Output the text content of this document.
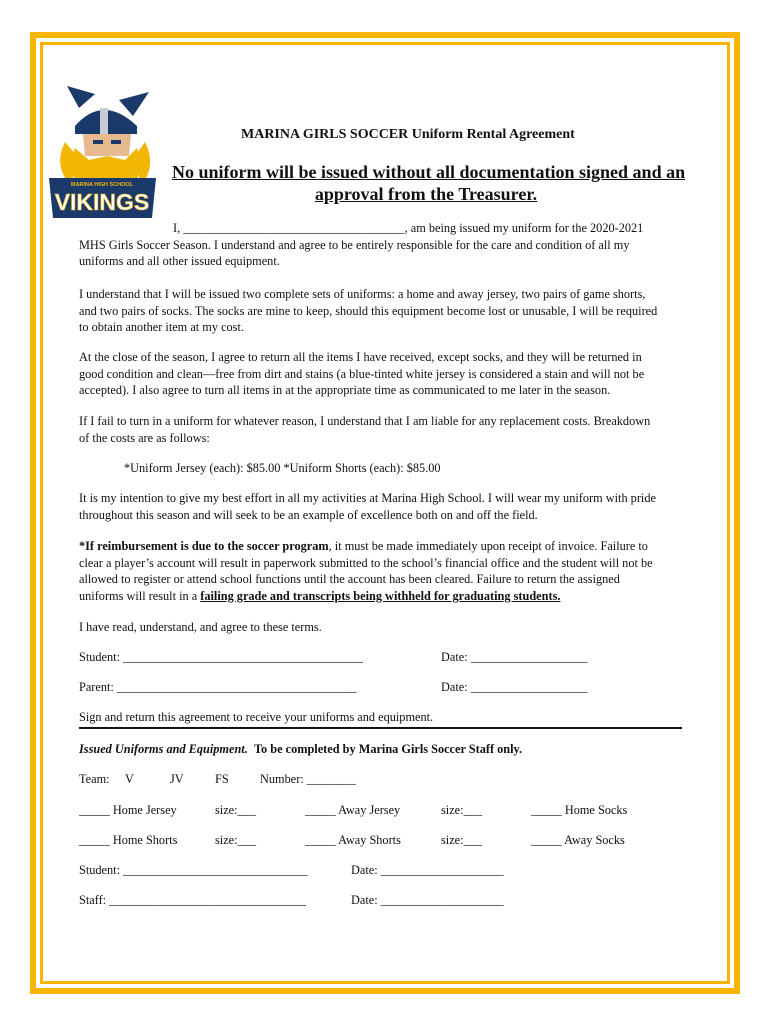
MARINA HIGH SCHOOL
VIKINGS
MARINA GIRLS SOCCER Uniform Rental Agreement
No uniform will be issued without all documentation signed and an
approval from the Treasurer.
I, ____________________________________, am being issued my uniform for the 2020-2021
MHS Girls Soccer Season. I understand and agree to be entirely responsible for the care and condition of all my
uniforms and all other issued equipment.
I understand that I will be issued two complete sets of uniforms: a home and away jersey, two pairs of game shorts,
and two pairs of socks. The socks are mine to keep, should this equipment become lost or unusable, I will be required
to obtain another item at my cost.
At the close of the season, I agree to return all the items I have received, except socks, and they will be returned in
good condition and clean—free from dirt and stains (a blue-tinted white jersey is considered a stain and will not be
accepted). I also agree to turn all items in at the appropriate time as communicated to me later in the season.
If I fail to turn in a uniform for whatever reason, I understand that I am liable for any replacement costs. Breakdown
of the costs are as follows:
*Uniform Jersey (each): $85.00 *Uniform Shorts (each): $85.00
It is my intention to give my best effort in all my activities at Marina High School. I will wear my uniform with pride
throughout this season and will seek to be an example of excellence both on and off the field.
*If reimbursement is due to the soccer program, it must be made immediately upon receipt of invoice. Failure to
clear a player’s account will result in paperwork submitted to the school’s financial office and the student will not be
allowed to register or attend school functions until the account has been cleared. Failure to return the assigned
uniforms will result in a failing grade and transcripts being withheld for graduating students.
I have read, understand, and agree to these terms.
Student: _______________________________________	Date: ___________________
Parent: _______________________________________	Date: ___________________
Sign and return this agreement to receive your uniforms and equipment.
Issued Uniforms and Equipment. To be completed by Marina Girls Soccer Staff only.
Team: V	JV	FS	Number: ________
_____ Home Jersey	size:___	_____ Away Jersey	size:___	_____ Home Socks
_____ Home Shorts	size:___	_____ Away Shorts	size:___	_____ Away Socks
Student: ______________________________	Date: ____________________
Staff: ________________________________	Date: ____________________
